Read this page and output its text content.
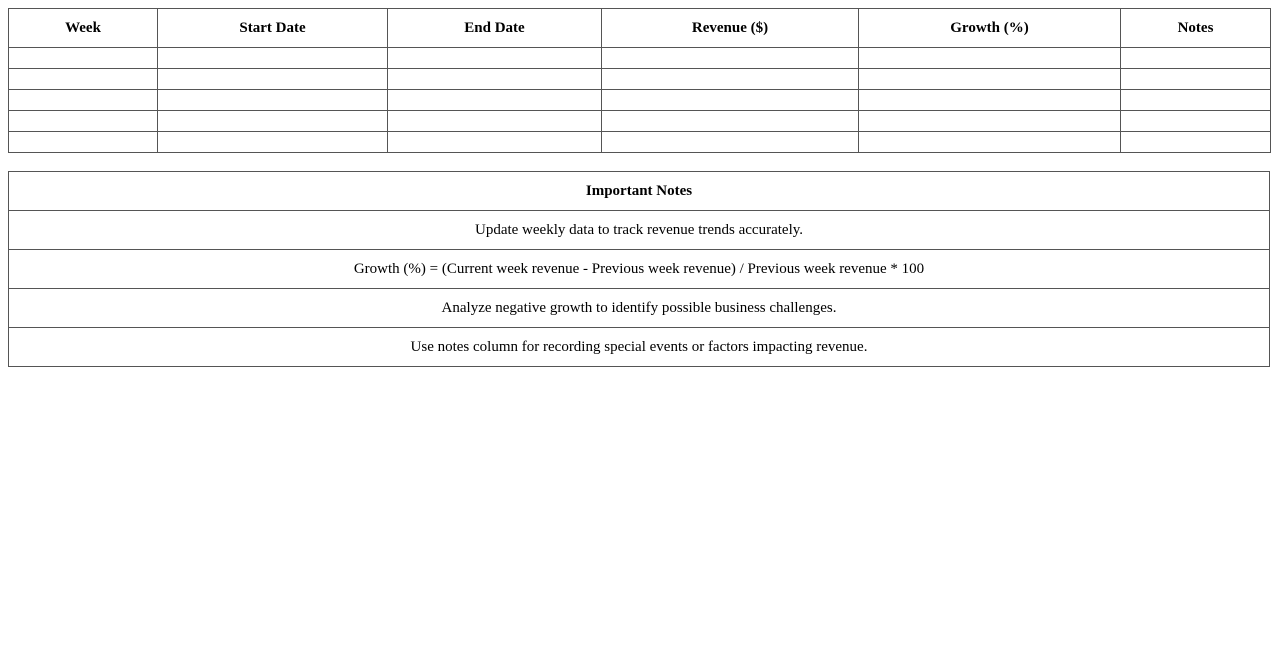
Week	Start Date	End Date	Revenue ($)	Growth (%)	Notes

Important Notes
Update weekly data to track revenue trends accurately.
Growth (%) = (Current week revenue - Previous week revenue) / Previous week revenue * 100
Analyze negative growth to identify possible business challenges.
Use notes column for recording special events or factors impacting revenue.
